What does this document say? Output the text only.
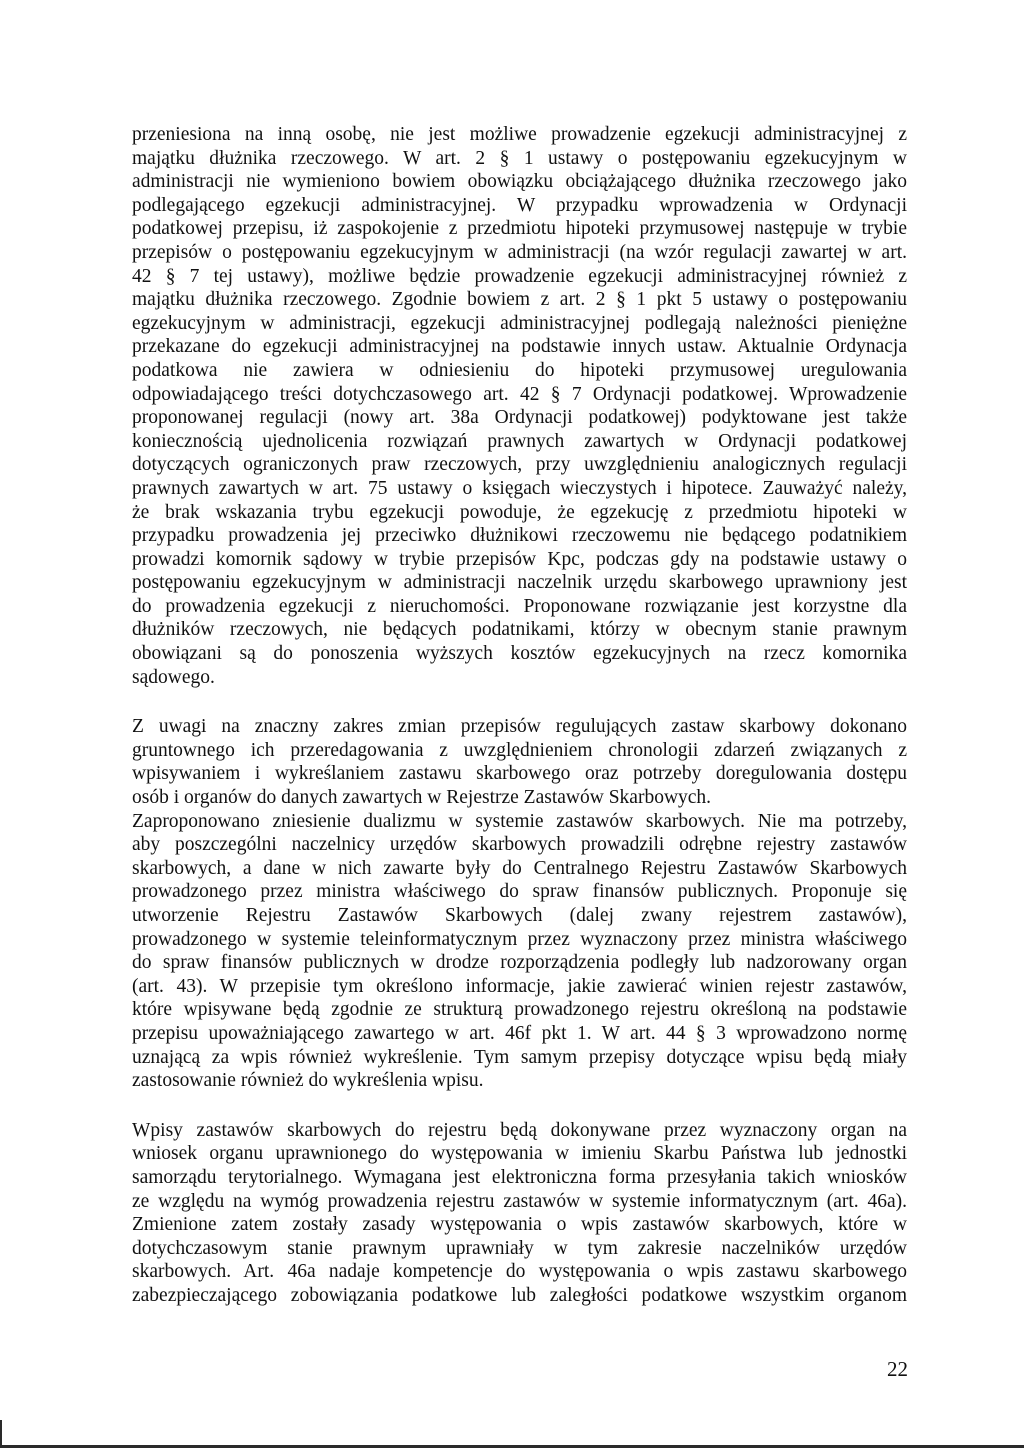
przeniesiona na inną osobę, nie jest możliwe prowadzenie egzekucji administracyjnej z
majątku dłużnika rzeczowego. W art. 2 § 1 ustawy o postępowaniu egzekucyjnym w
administracji nie wymieniono bowiem obowiązku obciążającego dłużnika rzeczowego jako
podlegającego egzekucji administracyjnej. W przypadku wprowadzenia w Ordynacji
podatkowej przepisu, iż zaspokojenie z przedmiotu hipoteki przymusowej następuje w trybie
przepisów o postępowaniu egzekucyjnym w administracji (na wzór regulacji zawartej w art.
42 § 7 tej ustawy), możliwe będzie prowadzenie egzekucji administracyjnej również z
majątku dłużnika rzeczowego. Zgodnie bowiem z art. 2 § 1 pkt 5 ustawy o postępowaniu
egzekucyjnym w administracji, egzekucji administracyjnej podlegają należności pieniężne
przekazane do egzekucji administracyjnej na podstawie innych ustaw. Aktualnie Ordynacja
podatkowa nie zawiera w odniesieniu do hipoteki przymusowej uregulowania
odpowiadającego treści dotychczasowego art. 42 § 7 Ordynacji podatkowej. Wprowadzenie
proponowanej regulacji (nowy art. 38a Ordynacji podatkowej) podyktowane jest także
koniecznością ujednolicenia rozwiązań prawnych zawartych w Ordynacji podatkowej
dotyczących ograniczonych praw rzeczowych, przy uwzględnieniu analogicznych regulacji
prawnych zawartych w art. 75 ustawy o księgach wieczystych i hipotece. Zauważyć należy,
że brak wskazania trybu egzekucji powoduje, że egzekucję z przedmiotu hipoteki w
przypadku prowadzenia jej przeciwko dłużnikowi rzeczowemu nie będącego podatnikiem
prowadzi komornik sądowy w trybie przepisów Kpc, podczas gdy na podstawie ustawy o
postępowaniu egzekucyjnym w administracji naczelnik urzędu skarbowego uprawniony jest
do prowadzenia egzekucji z nieruchomości. Proponowane rozwiązanie jest korzystne dla
dłużników rzeczowych, nie będących podatnikami, którzy w obecnym stanie prawnym
obowiązani są do ponoszenia wyższych kosztów egzekucyjnych na rzecz komornika
sądowego.

Z uwagi na znaczny zakres zmian przepisów regulujących zastaw skarbowy dokonano
gruntownego ich przeredagowania z uwzględnieniem chronologii zdarzeń związanych z
wpisywaniem i wykreślaniem zastawu skarbowego oraz potrzeby doregulowania dostępu
osób i organów do danych zawartych w Rejestrze Zastawów Skarbowych.

Zaproponowano zniesienie dualizmu w systemie zastawów skarbowych. Nie ma potrzeby,
aby poszczególni naczelnicy urzędów skarbowych prowadzili odrębne rejestry zastawów
skarbowych, a dane w nich zawarte były do Centralnego Rejestru Zastawów Skarbowych
prowadzonego przez ministra właściwego do spraw finansów publicznych. Proponuje się
utworzenie Rejestru Zastawów Skarbowych (dalej zwany rejestrem zastawów),
prowadzonego w systemie teleinformatycznym przez wyznaczony przez ministra właściwego
do spraw finansów publicznych w drodze rozporządzenia podległy lub nadzorowany organ
(art. 43). W przepisie tym określono informacje, jakie zawierać winien rejestr zastawów,
które wpisywane będą zgodnie ze strukturą prowadzonego rejestru określoną na podstawie
przepisu upoważniającego zawartego w art. 46f pkt 1. W art. 44 § 3 wprowadzono normę
uznającą za wpis również wykreślenie. Tym samym przepisy dotyczące wpisu będą miały
zastosowanie również do wykreślenia wpisu.

Wpisy zastawów skarbowych do rejestru będą dokonywane przez wyznaczony organ na
wniosek organu uprawnionego do występowania w imieniu Skarbu Państwa lub jednostki
samorządu terytorialnego. Wymagana jest elektroniczna forma przesyłania takich wniosków
ze względu na wymóg prowadzenia rejestru zastawów w systemie informatycznym (art. 46a).
Zmienione zatem zostały zasady występowania o wpis zastawów skarbowych, które w
dotychczasowym stanie prawnym uprawniały w tym zakresie naczelników urzędów
skarbowych. Art. 46a nadaje kompetencje do występowania o wpis zastawu skarbowego
zabezpieczającego zobowiązania podatkowe lub zaległości podatkowe wszystkim organom

22
